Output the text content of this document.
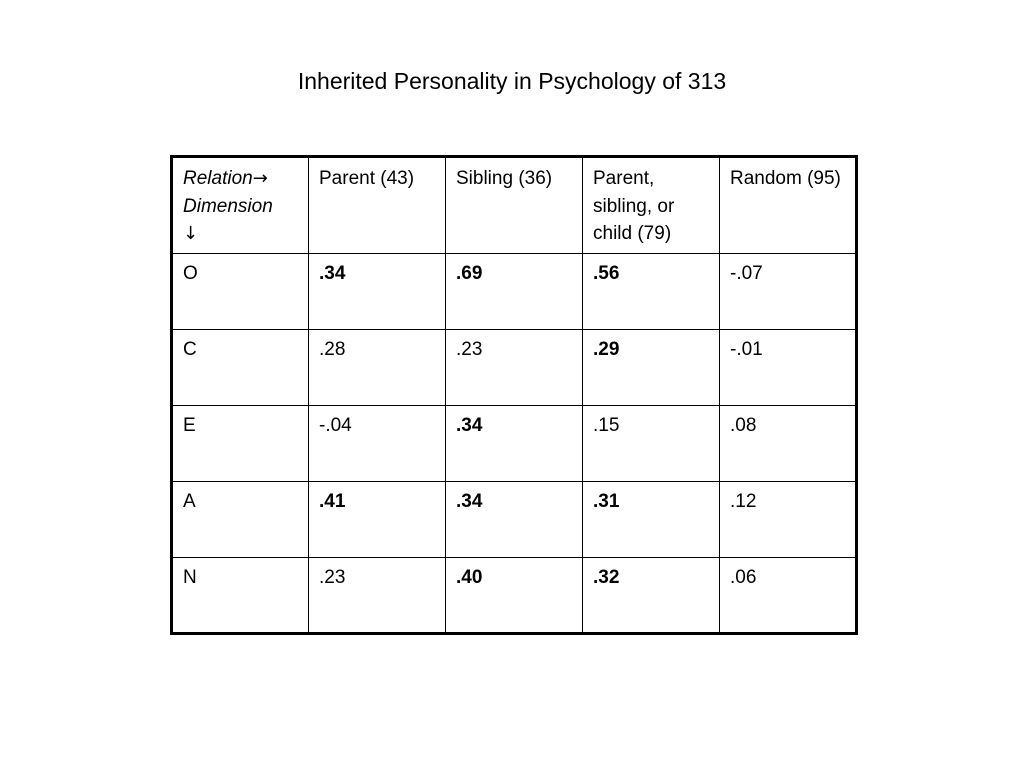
Inherited Personality in Psychology of 313
Relation→
Dimension
↓	Parent (43)	Sibling (36)	Parent, sibling, or child (79)	Random (95)
O	.34	.69	.56	-.07
C	.28	.23	.29	-.01
E	-.04	.34	.15	.08
A	.41	.34	.31	.12
N	.23	.40	.32	.06
